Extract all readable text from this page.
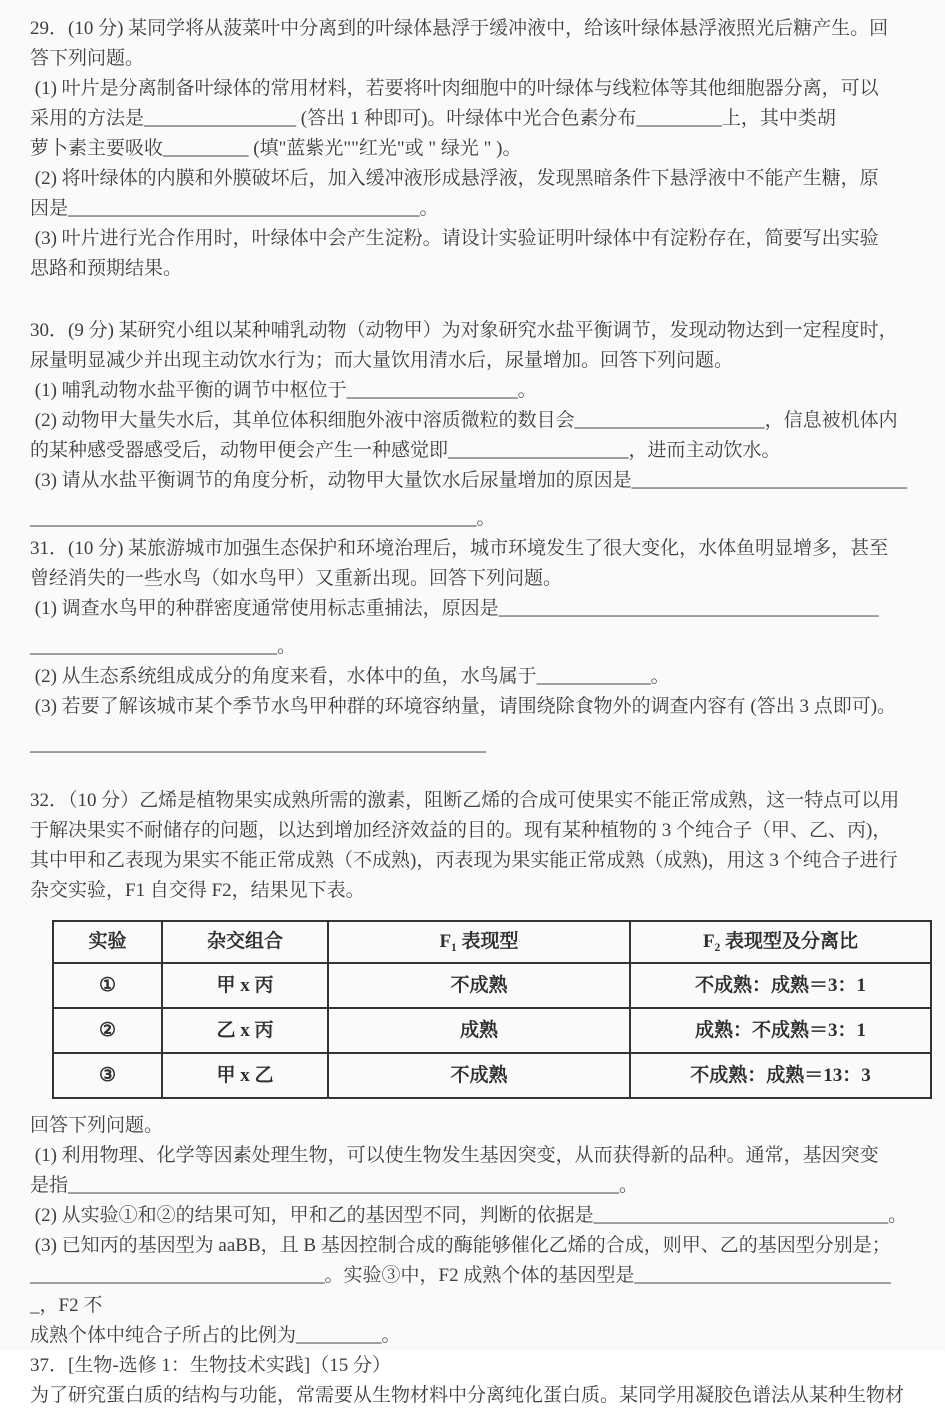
29．(10 分) 某同学将从菠菜叶中分离到的叶绿体悬浮于缓冲液中，给该叶绿体悬浮液照光后糖产生。回
答下列问题。
(1) 叶片是分离制备叶绿体的常用材料，若要将叶肉细胞中的叶绿体与线粒体等其他细胞器分离，可以
采用的方法是________________ (答出 1 种即可)。叶绿体中光合色素分布_________上，其中类胡
萝卜素主要吸收_________ (填"蓝紫光""红光"或 " 绿光 " )。
(2) 将叶绿体的内膜和外膜破坏后，加入缓冲液形成悬浮液，发现黑暗条件下悬浮液中不能产生糖，原
因是_____________________________________。
(3) 叶片进行光合作用时，叶绿体中会产生淀粉。请设计实验证明叶绿体中有淀粉存在，简要写出实验
思路和预期结果。
30．(9 分) 某研究小组以某种哺乳动物（动物甲）为对象研究水盐平衡调节，发现动物达到一定程度时，
尿量明显减少并出现主动饮水行为；而大量饮用清水后，尿量增加。回答下列问题。
(1) 哺乳动物水盐平衡的调节中枢位于__________________。
(2) 动物甲大量失水后，其单位体积细胞外液中溶质微粒的数目会____________________，信息被机体内
的某种感受器感受后，动物甲便会产生一种感觉即___________________，进而主动饮水。
(3) 请从水盐平衡调节的角度分析，动物甲大量饮水后尿量增加的原因是_____________________________
_______________________________________________。
31．(10 分) 某旅游城市加强生态保护和环境治理后，城市环境发生了很大变化，水体鱼明显增多，甚至
曾经消失的一些水鸟（如水鸟甲）又重新出现。回答下列问题。
(1) 调查水鸟甲的种群密度通常使用标志重捕法，原因是________________________________________
__________________________。
(2) 从生态系统组成成分的角度来看，水体中的鱼，水鸟属于____________。
(3) 若要了解该城市某个季节水鸟甲种群的环境容纳量，请围绕除食物外的调查内容有 (答出 3 点即可)。
________________________________________________
32．（10 分）乙烯是植物果实成熟所需的激素，阻断乙烯的合成可使果实不能正常成熟，这一特点可以用
于解决果实不耐储存的问题，以达到增加经济效益的目的。现有某种植物的 3 个纯合子（甲、乙、丙)，
其中甲和乙表现为果实不能正常成熟（不成熟)，丙表现为果实能正常成熟（成熟)，用这 3 个纯合子进行
杂交实验，F1 自交得 F2，结果见下表。
实验	杂交组合	F₁ 表现型	F₂ 表现型及分离比
①	甲 x 丙	不成熟	不成熟：成熟＝3：1
②	乙 x 丙	成熟	成熟：不成熟＝3：1
③	甲 x 乙	不成熟	不成熟：成熟＝13：3
回答下列问题。
(1) 利用物理、化学等因素处理生物，可以使生物发生基因突变，从而获得新的品种。通常，基因突变
是指__________________________________________________________。
(2) 从实验①和②的结果可知，甲和乙的基因型不同，判断的依据是_______________________________。
(3) 已知丙的基因型为 aaBB，且 B 基因控制合成的酶能够催化乙烯的合成，则甲、乙的基因型分别是；
_______________________________。实验③中，F2 成熟个体的基因型是____________________________，F2 不
成熟个体中纯合子所占的比例为_________。
37．[生物-选修 1：生物技术实践]（15 分）
为了研究蛋白质的结构与功能，常需要从生物材料中分离纯化蛋白质。某同学用凝胶色谱法从某种生物材
